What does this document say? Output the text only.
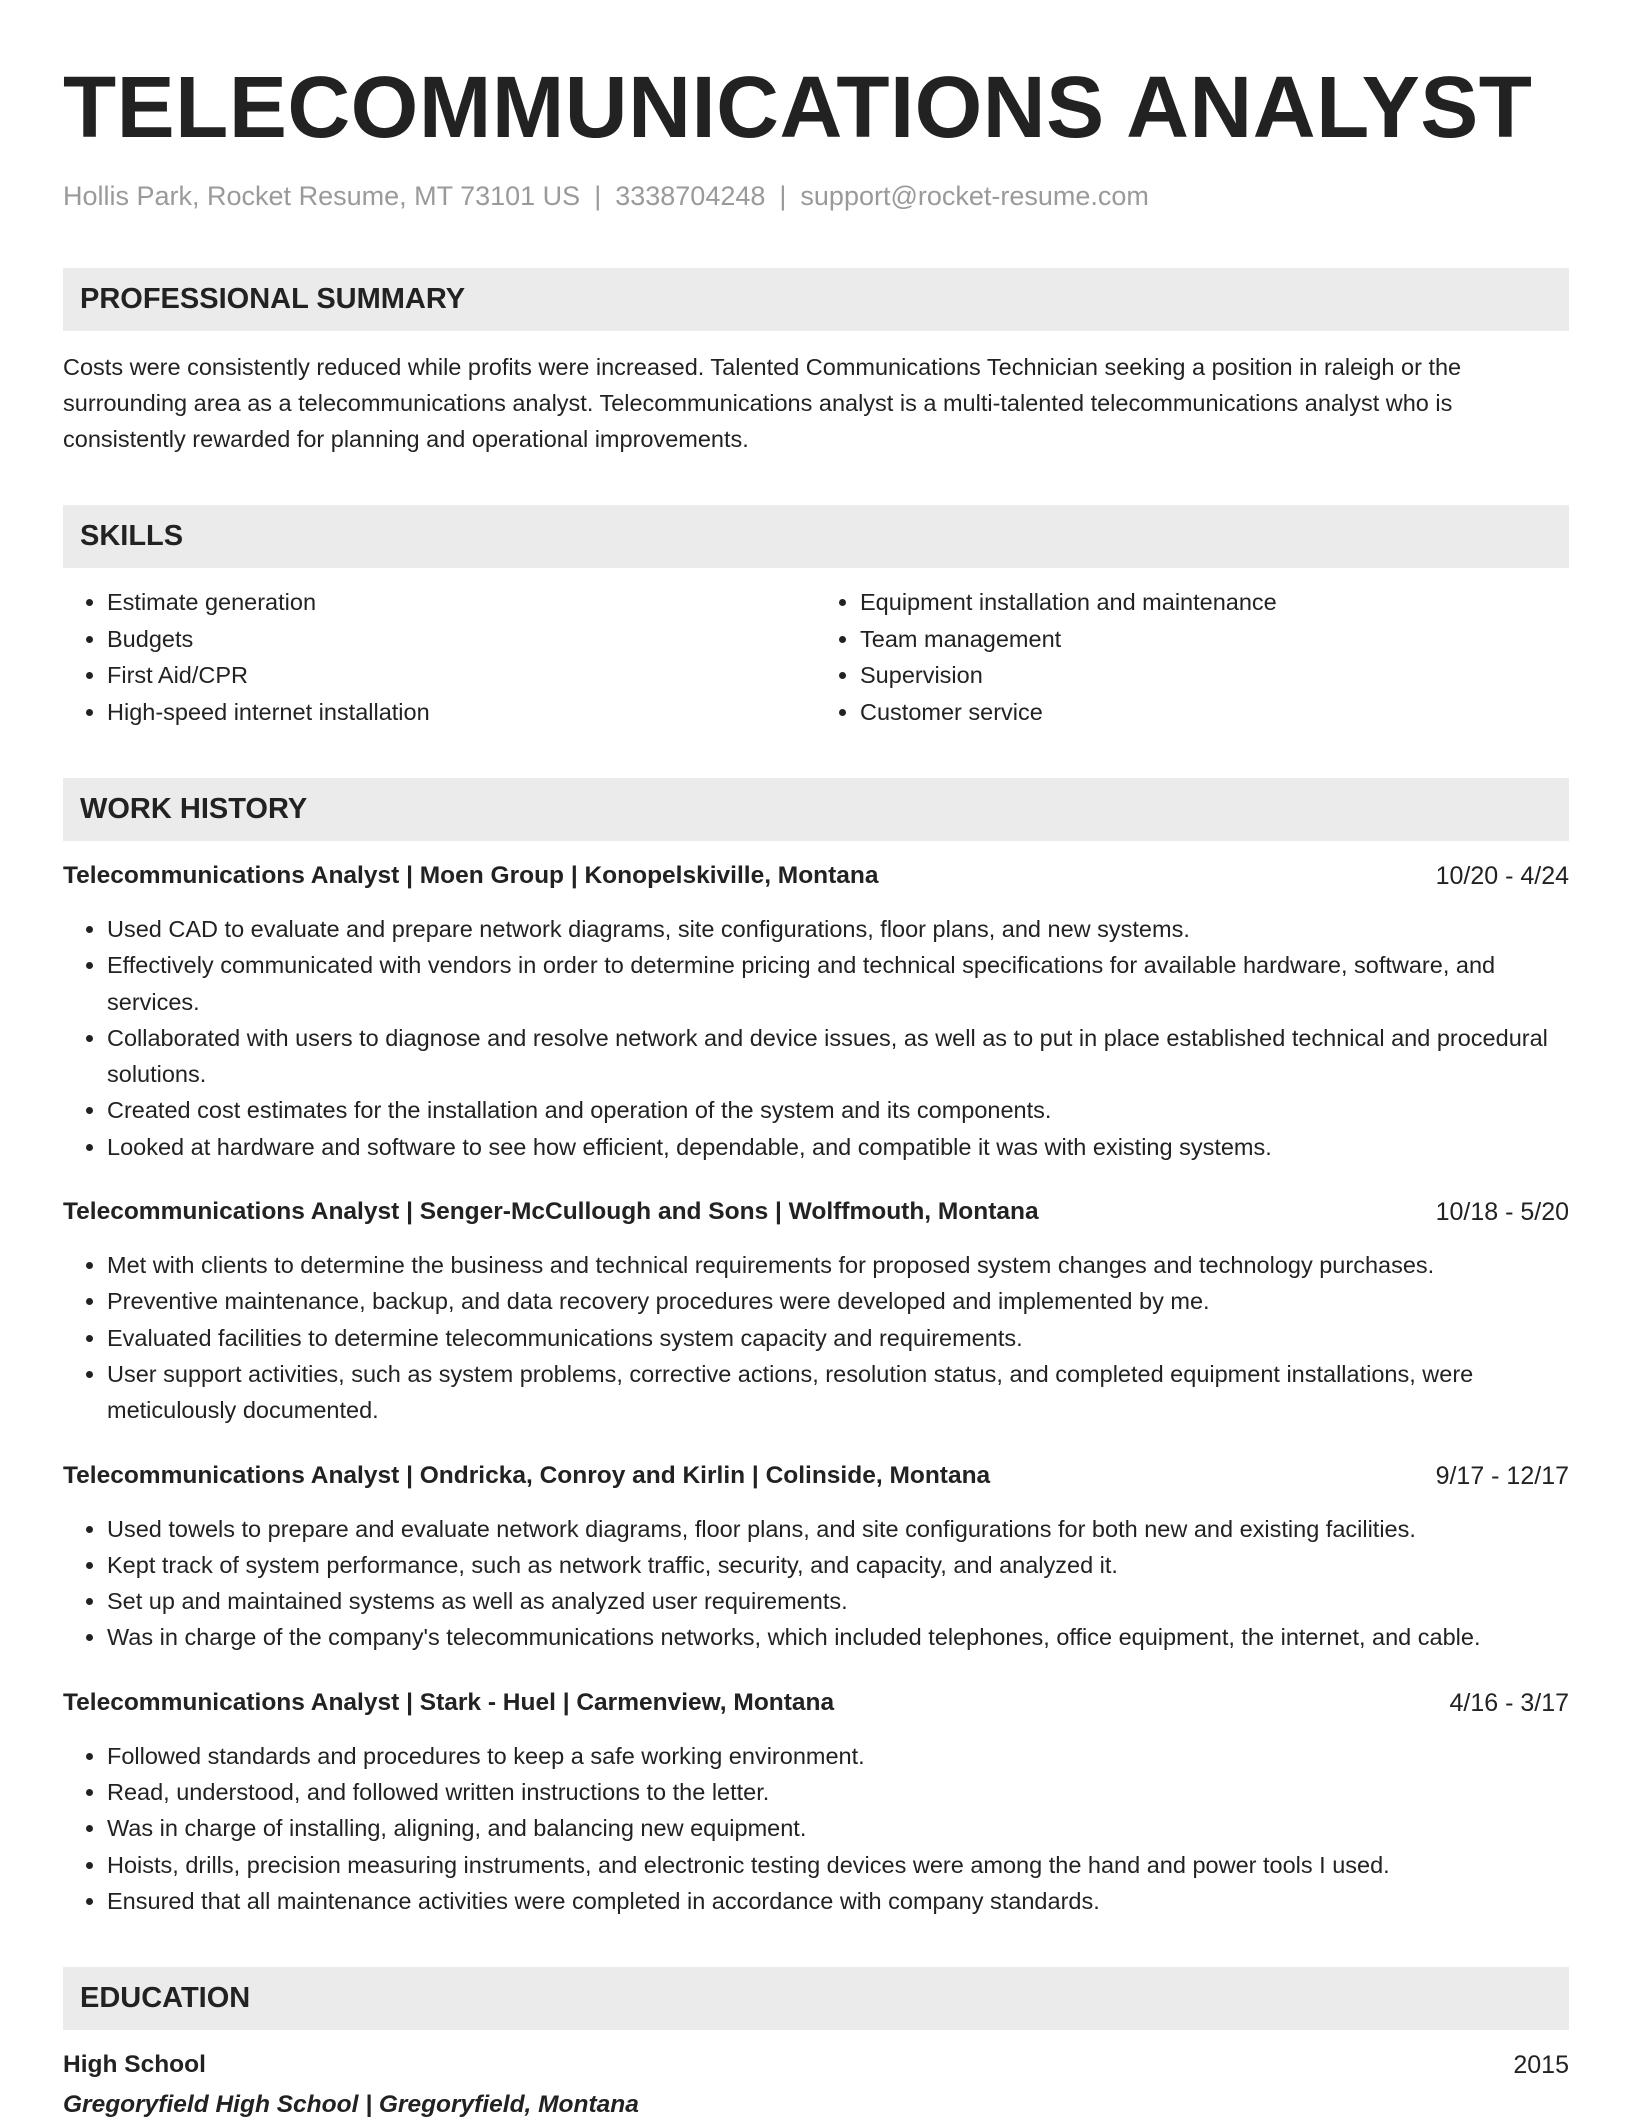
TELECOMMUNICATIONS ANALYST
Hollis Park, Rocket Resume, MT 73101 US | 3338704248 | support@rocket-resume.com
PROFESSIONAL SUMMARY

Costs were consistently reduced while profits were increased. Talented Communications Technician seeking a position in raleigh or the surrounding area as a telecommunications analyst. Telecommunications analyst is a multi-talented telecommunications analyst who is consistently rewarded for planning and operational improvements.

SKILLS
• Estimate generation
• Budgets
• First Aid/CPR
• High-speed internet installation
• Equipment installation and maintenance
• Team management
• Supervision
• Customer service
WORK HISTORY
Telecommunications Analyst | Moen Group | Konopelskiville, Montana	10/20 - 4/24
• Used CAD to evaluate and prepare network diagrams, site configurations, floor plans, and new systems.
• Effectively communicated with vendors in order to determine pricing and technical specifications for available hardware, software, and services.
• Collaborated with users to diagnose and resolve network and device issues, as well as to put in place established technical and procedural solutions.
• Created cost estimates for the installation and operation of the system and its components.
• Looked at hardware and software to see how efficient, dependable, and compatible it was with existing systems.
Telecommunications Analyst | Senger-McCullough and Sons | Wolffmouth, Montana	10/18 - 5/20
• Met with clients to determine the business and technical requirements for proposed system changes and technology purchases.
• Preventive maintenance, backup, and data recovery procedures were developed and implemented by me.
• Evaluated facilities to determine telecommunications system capacity and requirements.
• User support activities, such as system problems, corrective actions, resolution status, and completed equipment installations, were meticulously documented.
Telecommunications Analyst | Ondricka, Conroy and Kirlin | Colinside, Montana	9/17 - 12/17
• Used towels to prepare and evaluate network diagrams, floor plans, and site configurations for both new and existing facilities.
• Kept track of system performance, such as network traffic, security, and capacity, and analyzed it.
• Set up and maintained systems as well as analyzed user requirements.
• Was in charge of the company's telecommunications networks, which included telephones, office equipment, the internet, and cable.
Telecommunications Analyst | Stark - Huel | Carmenview, Montana	4/16 - 3/17
• Followed standards and procedures to keep a safe working environment.
• Read, understood, and followed written instructions to the letter.
• Was in charge of installing, aligning, and balancing new equipment.
• Hoists, drills, precision measuring instruments, and electronic testing devices were among the hand and power tools I used.
• Ensured that all maintenance activities were completed in accordance with company standards.
EDUCATION
High School	2015
Gregoryfield High School | Gregoryfield, Montana
